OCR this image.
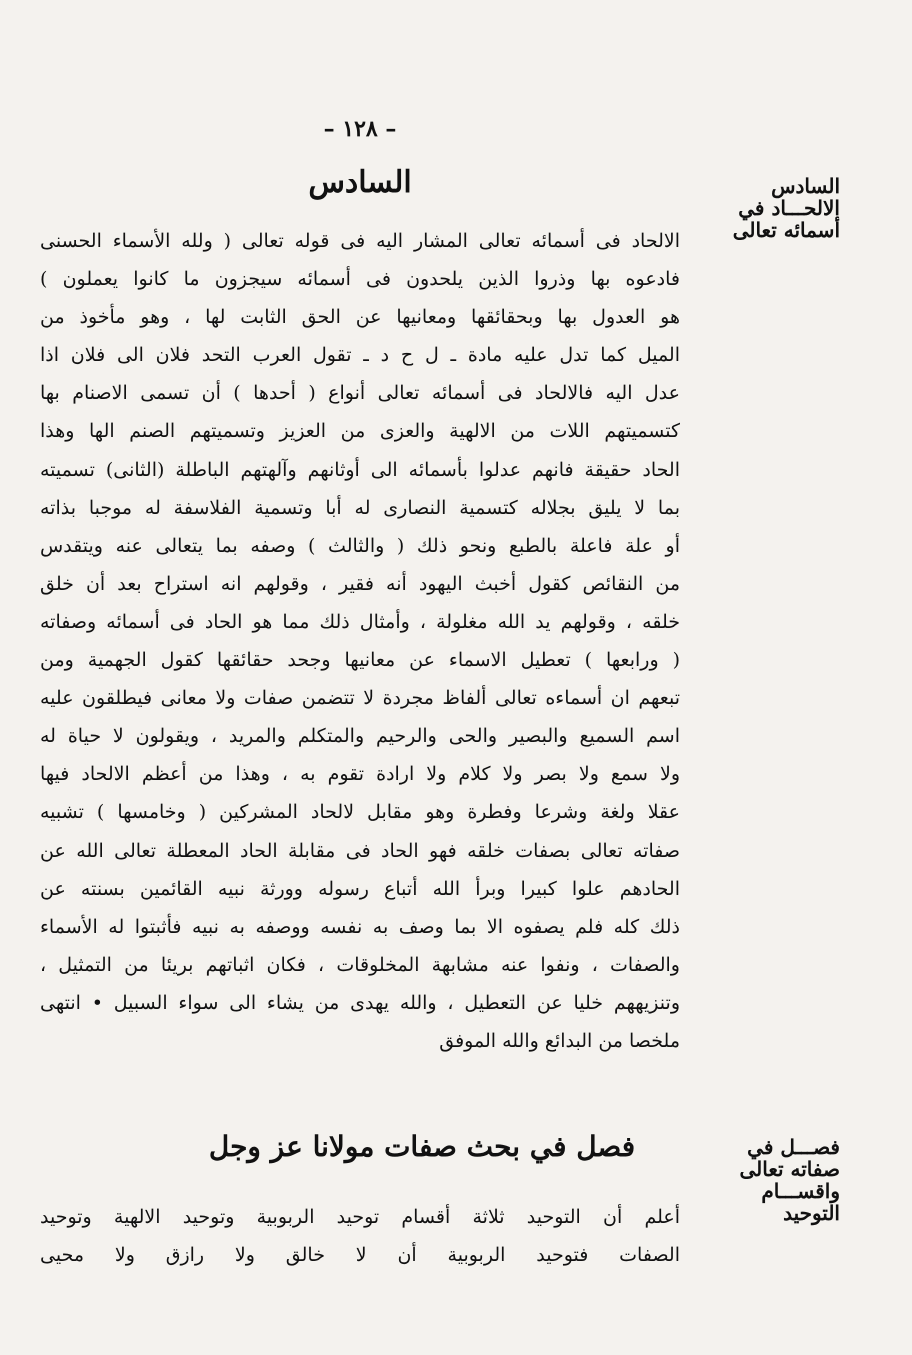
– ١٢٨ –
السادس	السادس
الالحـــاد في
أسمائه تعالى
الالحاد فى أسمائه تعالى المشار اليه فى قوله تعالى ( ولله الأسماء الحسنى
فادعوه بها وذروا الذين يلحدون فى أسمائه سيجزون ما كانوا يعملون )
هو العدول بها وبحقائقها ومعانيها عن الحق الثابت لها ، وهو مأخوذ من
الميل كما تدل عليه مادة ـ ل ح د ـ تقول العرب التحد فلان الى فلان اذا
عدل اليه فالالحاد فى أسمائه تعالى أنواع ( أحدها ) أن تسمى الاصنام بها
كتسميتهم اللات من الالهية والعزى من العزيز وتسميتهم الصنم الها وهذا
الحاد حقيقة فانهم عدلوا بأسمائه الى أوثانهم وآلهتهم الباطلة (الثانى) تسميته
بما لا يليق بجلاله كتسمية النصارى له أبا وتسمية الفلاسفة له موجبا بذاته
أو علة فاعلة بالطبع ونحو ذلك ( والثالث ) وصفه بما يتعالى عنه ويتقدس
من النقائص كقول أخبث اليهود أنه فقير ، وقولهم انه استراح بعد أن خلق
خلقه ، وقولهم يد الله مغلولة ، وأمثال ذلك مما هو الحاد فى أسمائه وصفاته
( ورابعها ) تعطيل الاسماء عن معانيها وجحد حقائقها كقول الجهمية ومن
تبعهم ان أسماءه تعالى ألفاظ مجردة لا تتضمن صفات ولا معانى فيطلقون عليه
اسم السميع والبصير والحى والرحيم والمتكلم والمريد ، ويقولون لا حياة له
ولا سمع ولا بصر ولا كلام ولا ارادة تقوم به ، وهذا من أعظم الالحاد فيها
عقلا ولغة وشرعا وفطرة وهو مقابل لالحاد المشركين ( وخامسها ) تشبيه
صفاته تعالى بصفات خلقه فهو الحاد فى مقابلة الحاد المعطلة تعالى الله عن
الحادهم علوا كبيرا وبرأ الله أتباع رسوله وورثة نبيه القائمين بسنته عن
ذلك كله فلم يصفوه الا بما وصف به نفسه ووصفه به نبيه فأثبتوا له الأسماء
والصفات ، ونفوا عنه مشابهة المخلوقات ، فكان اثباتهم بريئا من التمثيل ،
وتنزيههم خليا عن التعطيل ، والله يهدى من يشاء الى سواء السبيل • انتهى
ملخصا من البدائع والله الموفق
فصـــل في
صفاته تعالى
واقســـام
التوحيد
فصل في بحث صفات مولانا عز وجل
أعلم أن التوحيد ثلاثة أقسام توحيد الربوبية وتوحيد الالهية وتوحيد
الصفات فتوحيد الربوبية أن لا خالق ولا رازق ولا محيى
